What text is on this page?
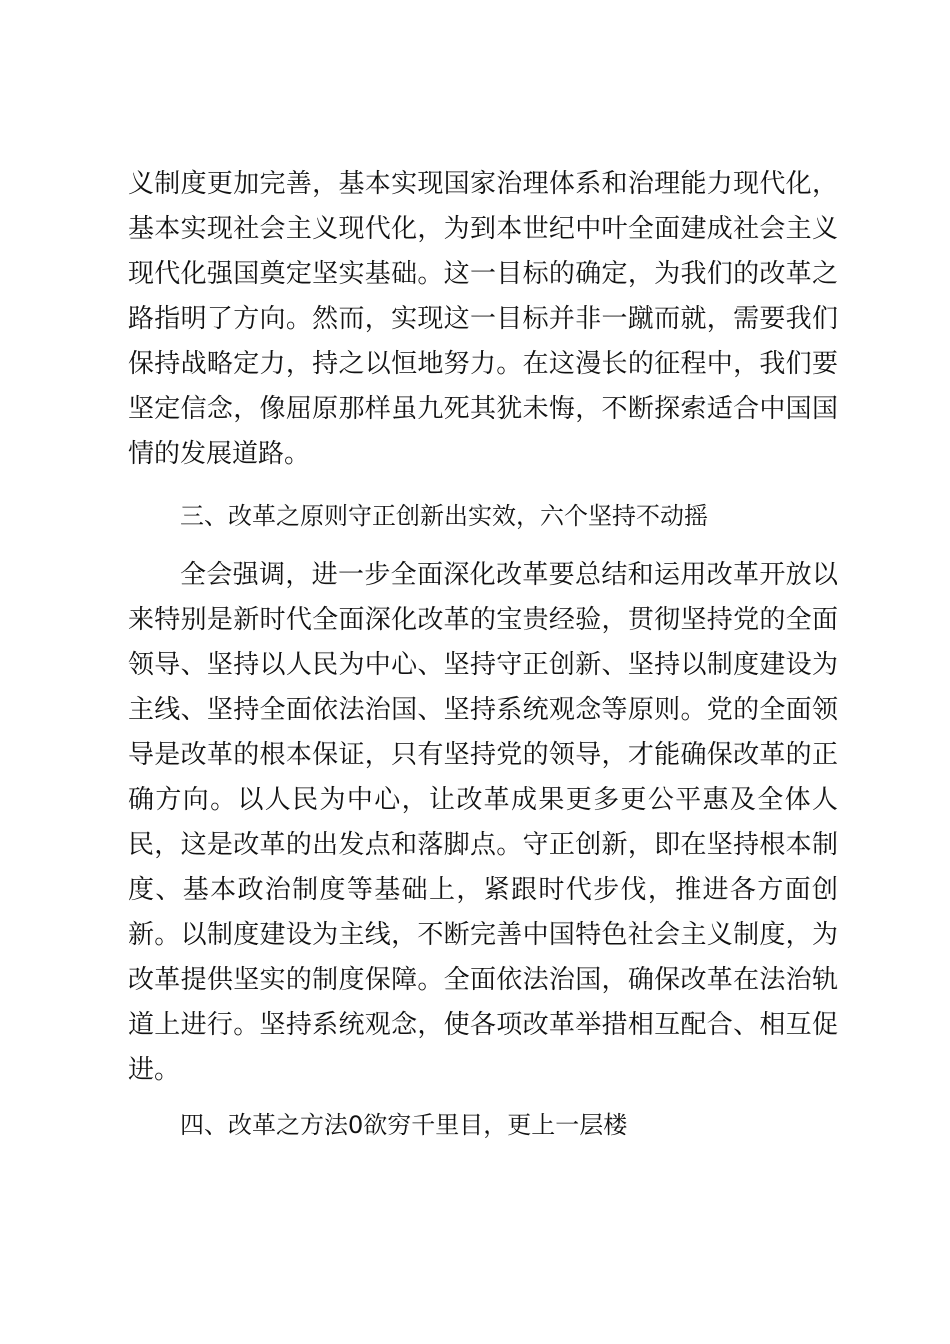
义制度更加完善，基本实现国家治理体系和治理能力现代化，基本实现社会主义现代化，为到本世纪中叶全面建成社会主义现代化强国奠定坚实基础。这一目标的确定，为我们的改革之路指明了方向。然而，实现这一目标并非一蹴而就，需要我们保持战略定力，持之以恒地努力。在这漫长的征程中，我们要坚定信念，像屈原那样虽九死其犹未悔，不断探索适合中国国情的发展道路。

三、改革之原则守正创新出实效，六个坚持不动摇

全会强调，进一步全面深化改革要总结和运用改革开放以来特别是新时代全面深化改革的宝贵经验，贯彻坚持党的全面领导、坚持以人民为中心、坚持守正创新、坚持以制度建设为主线、坚持全面依法治国、坚持系统观念等原则。党的全面领导是改革的根本保证，只有坚持党的领导，才能确保改革的正确方向。以人民为中心，让改革成果更多更公平惠及全体人民，这是改革的出发点和落脚点。守正创新，即在坚持根本制度、基本政治制度等基础上，紧跟时代步伐，推进各方面创新。以制度建设为主线，不断完善中国特色社会主义制度，为改革提供坚实的制度保障。全面依法治国，确保改革在法治轨道上进行。坚持系统观念，使各项改革举措相互配合、相互促进。

四、改革之方法0欲穷千里目，更上一层楼
